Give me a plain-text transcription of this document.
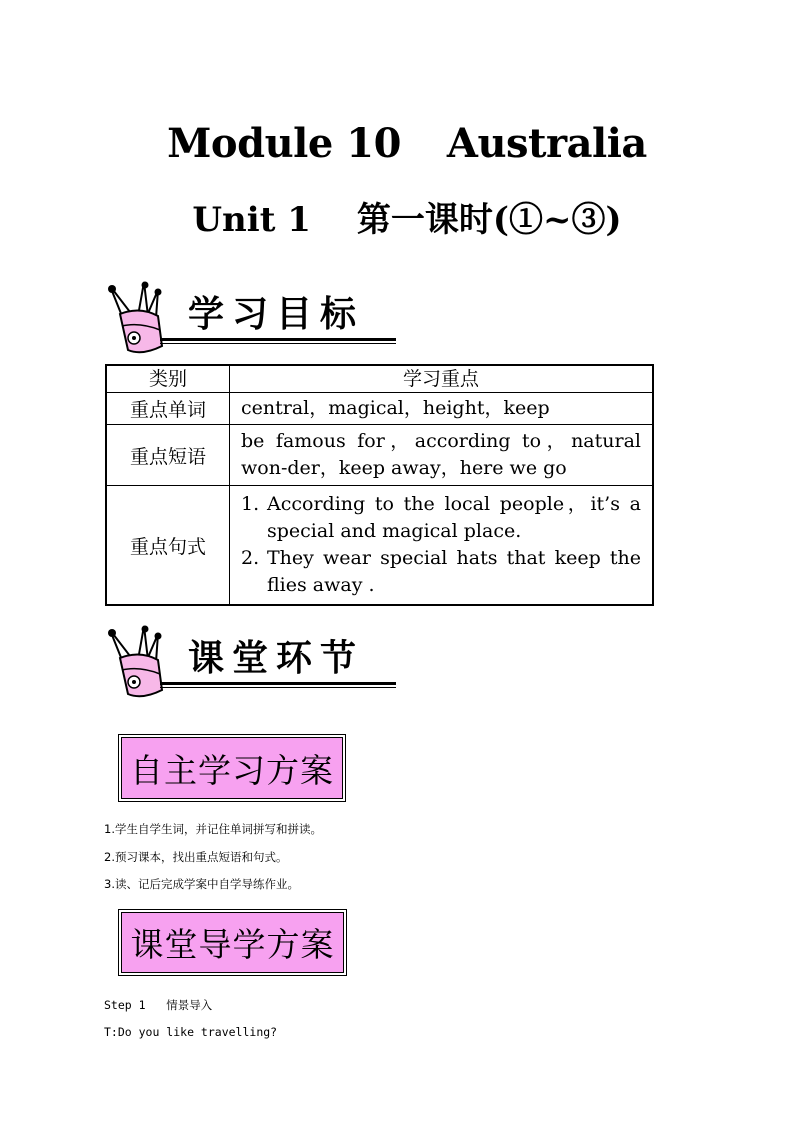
Module 10 Australia
Unit 1 第一课时(①~③)
学习目标
类别	学习重点
重点单词	central，magical，height，keep
重点短语	be famous for，according to，natural won-der，keep away，here we go
重点句式	1. According to the local people，it’s a special and magical place.
2. They wear special hats that keep the flies away .
课堂环节
自主学习方案
1.学生自学生词，并记住单词拼写和拼读。
2.预习课本，找出重点短语和句式。
3.读、记后完成学案中自学导练作业。
课堂导学方案
Step 1   情景导入
T:Do you like travelling?
